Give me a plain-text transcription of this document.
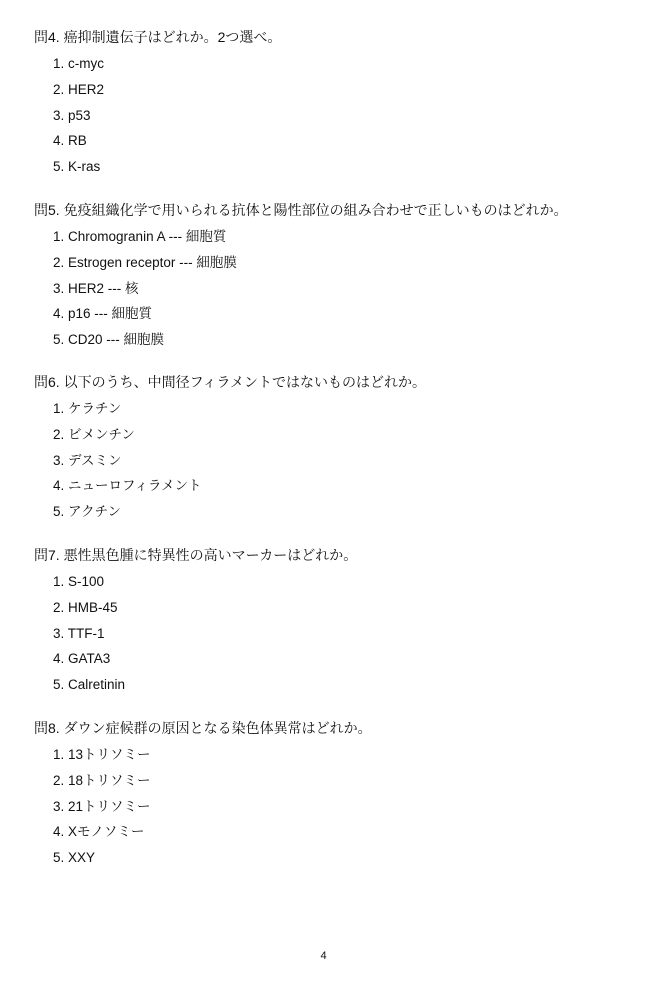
問4. 癌抑制遺伝子はどれか。2つ選べ。

1. c-myc
2. HER2
3. p53
4. RB
5. K-ras

問5. 免疫組織化学で用いられる抗体と陽性部位の組み合わせで正しいものはどれか。

1. Chromogranin A --- 細胞質
2. Estrogen receptor --- 細胞膜
3. HER2 --- 核
4. p16 --- 細胞質
5. CD20 --- 細胞膜

問6. 以下のうち、中間径フィラメントではないものはどれか。

1. ケラチン
2. ビメンチン
3. デスミン
4. ニューロフィラメント
5. アクチン

問7. 悪性黒色腫に特異性の高いマーカーはどれか。

1. S-100
2. HMB-45
3. TTF-1
4. GATA3
5. Calretinin

問8. ダウン症候群の原因となる染色体異常はどれか。

1. 13トリソミー
2. 18トリソミー
3. 21トリソミー
4. Xモノソミー
5. XXY
4
